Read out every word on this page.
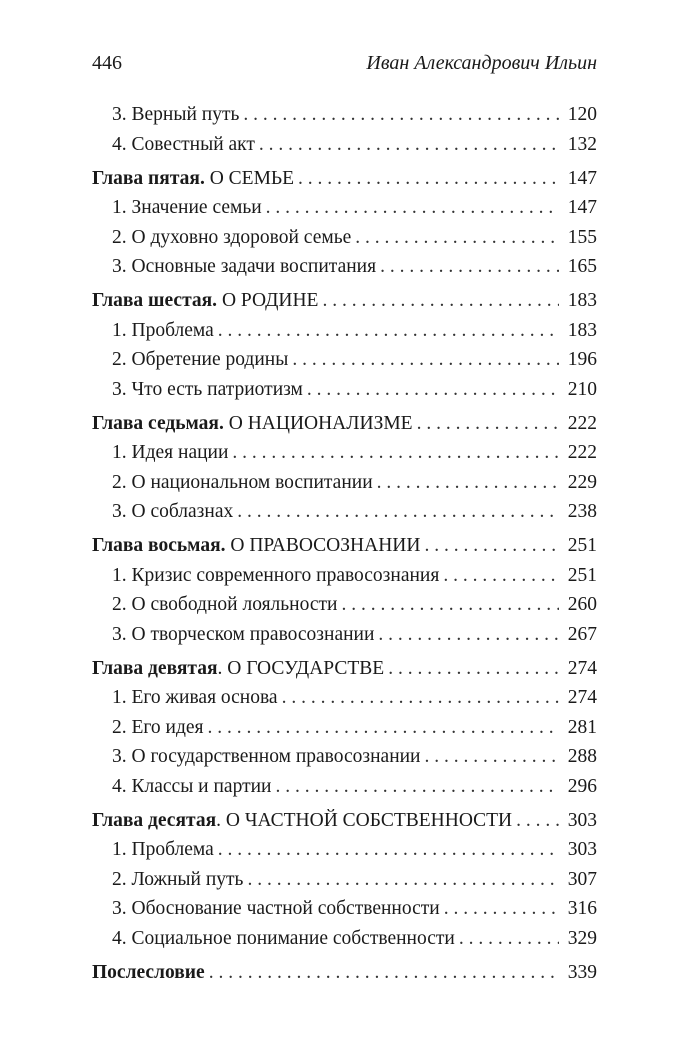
446	Иван Александрович Ильин
3. Верный путь . . .	120
4. Совестный акт . . .	132
Глава пятая. О СЕМЬЕ . . .	147
1. Значение семьи . . .	147
2. О духовно здоровой семье . . .	155
3. Основные задачи воспитания . . .	165
Глава шестая. О РОДИНЕ . . .	183
1. Проблема . . .	183
2. Обретение родины . . .	196
3. Что есть патриотизм . . .	210
Глава седьмая. О НАЦИОНАЛИЗМЕ . . .	222
1. Идея нации . . .	222
2. О национальном воспитании . . .	229
3. О соблазнах . . .	238
Глава восьмая. О ПРАВОСОЗНАНИИ . . .	251
1. Кризис современного правосознания . . .	251
2. О свободной лояльности . . .	260
3. О творческом правосознании . . .	267
Глава девятая. О ГОСУДАРСТВЕ . . .	274
1. Его живая основа . . .	274
2. Его идея . . .	281
3. О государственном правосознании . . .	288
4. Классы и партии . . .	296
Глава десятая. О ЧАСТНОЙ СОБСТВЕННОСТИ . . .	303
1. Проблема . . .	303
2. Ложный путь . . .	307
3. Обоснование частной собственности . . .	316
4. Социальное понимание собственности . . .	329
Послесловие . . .	339
